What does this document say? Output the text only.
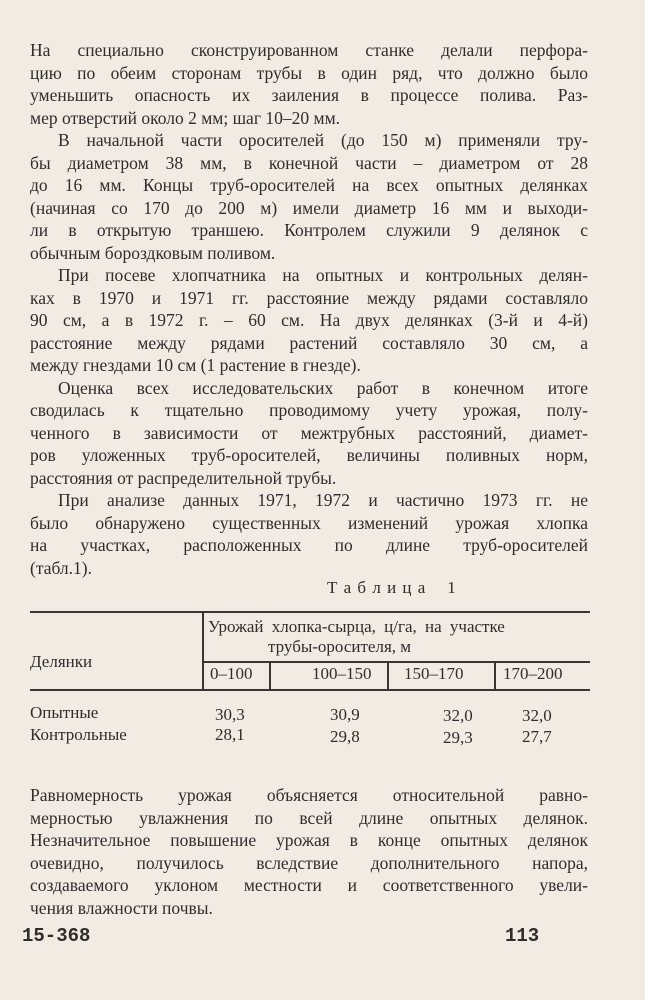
На специально сконструированном станке делали перфора-
цию по обеим сторонам трубы в один ряд, что должно было
уменьшить опасность их заиления в процессе полива. Раз-
мер отверстий около 2 мм; шаг 10–20 мм.
В начальной части оросителей (до 150 м) применяли тру-
бы диаметром 38 мм, в конечной части – диаметром от 28
до 16 мм. Концы труб-оросителей на всех опытных делянках
(начиная со 170 до 200 м) имели диаметр 16 мм и выходи-
ли в открытую траншею. Контролем служили 9 делянок с
обычным бороздковым поливом.
При посеве хлопчатника на опытных и контрольных делян-
ках в 1970 и 1971 гг. расстояние между рядами составляло
90 см, а в 1972 г. – 60 см. На двух делянках (3-й и 4-й)
расстояние между рядами растений составляло 30 см, а
между гнездами 10 см (1 растение в гнезде).
Оценка всех исследовательских работ в конечном итоге
сводилась к тщательно проводимому учету урожая, полу-
ченного в зависимости от межтрубных расстояний, диамет-
ров уложенных труб-оросителей, величины поливных норм,
расстояния от распределительной трубы.
При анализе данных 1971, 1972 и частично 1973 гг. не
было обнаружено существенных изменений урожая хлопка
на участках, расположенных по длине труб-оросителей
(табл.1).
Т а б л и ц а    1
Урожай хлопка-сырца, ц/га, на участке
трубы-оросителя, м
Делянки
0–100	100–150 150–170 170–200
Опытные	30,3	30,9	32,0	32,0
Контрольные	28,1	29,8	29,3	27,7
Равномерность урожая объясняется относительной равно-
мерностью увлажнения по всей длине опытных делянок.
Незначительное повышение урожая в конце опытных делянок
очевидно, получилось вследствие дополнительного напора,
создаваемого уклоном местности и соответственного увели-
чения влажности почвы.
15-368	113
